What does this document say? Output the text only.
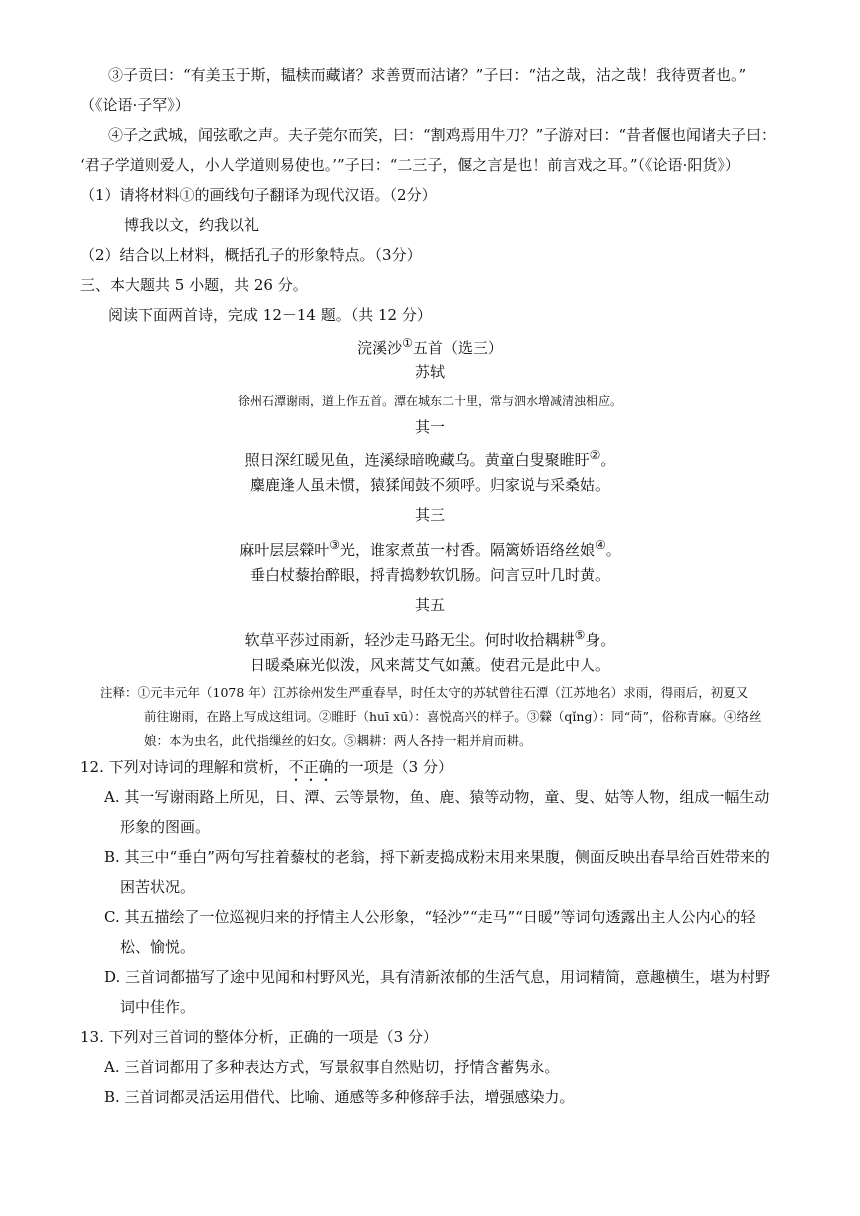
③子贡曰：“有美玉于斯，韫椟而藏诸？求善贾而沽诸？”子曰：“沽之哉，沽之哉！我待贾者也。”
（《论语·子罕》）
④子之武城，闻弦歌之声。夫子莞尔而笑，曰：“割鸡焉用牛刀？”子游对曰：“昔者偃也闻诸夫子曰：
‘君子学道则爱人，小人学道则易使也。’”子曰：“二三子，偃之言是也！前言戏之耳。”（《论语·阳货》）
（1）请将材料①的画线句子翻译为现代汉语。（2分）
博我以文，约我以礼
（2）结合以上材料，概括孔子的形象特点。（3分）
三、本大题共 5 小题，共 26 分。
阅读下面两首诗，完成 12－14 题。（共 12 分）
浣溪沙①五首（选三）
苏轼
徐州石潭谢雨，道上作五首。潭在城东二十里，常与泗水增减清浊相应。
其一
照日深红暖见鱼，连溪绿暗晚藏乌。黄童白叟聚睢盱②。
麋鹿逢人虽未惯，猿猱闻鼓不须呼。归家说与采桑姑。
其三
麻叶层层檾叶③光，谁家煮茧一村香。隔篱娇语络丝娘④。
垂白杖藜抬醉眼，捋青捣麨软饥肠。问言豆叶几时黄。
其五
软草平莎过雨新，轻沙走马路无尘。何时收拾耦耕⑤身。
日暖桑麻光似泼，风来蒿艾气如薰。使君元是此中人。
注释：①元丰元年（1078 年）江苏徐州发生严重春旱，时任太守的苏轼曾往石潭（江苏地名）求雨，得雨后，初夏又
前往谢雨，在路上写成这组词。②睢盱（huī xū）：喜悦高兴的样子。③檾（qǐng）：同“苘”，俗称青麻。④络丝
娘：本为虫名，此代指缫丝的妇女。⑤耦耕：两人各持一耜并肩而耕。
12. 下列对诗词的理解和赏析，不正确的一项是（3 分）
A. 其一写谢雨路上所见，日、潭、云等景物，鱼、鹿、猿等动物，童、叟、姑等人物，组成一幅生动
形象的图画。
B. 其三中“垂白”两句写拄着藜杖的老翁，捋下新麦捣成粉末用来果腹，侧面反映出春旱给百姓带来的
困苦状况。
C. 其五描绘了一位巡视归来的抒情主人公形象，“轻沙”“走马”“日暖”等词句透露出主人公内心的轻
松、愉悦。
D. 三首词都描写了途中见闻和村野风光，具有清新浓郁的生活气息，用词精简，意趣横生，堪为村野
词中佳作。
13. 下列对三首词的整体分析，正确的一项是（3 分）
A. 三首词都用了多种表达方式，写景叙事自然贴切，抒情含蓄隽永。
B. 三首词都灵活运用借代、比喻、通感等多种修辞手法，增强感染力。
